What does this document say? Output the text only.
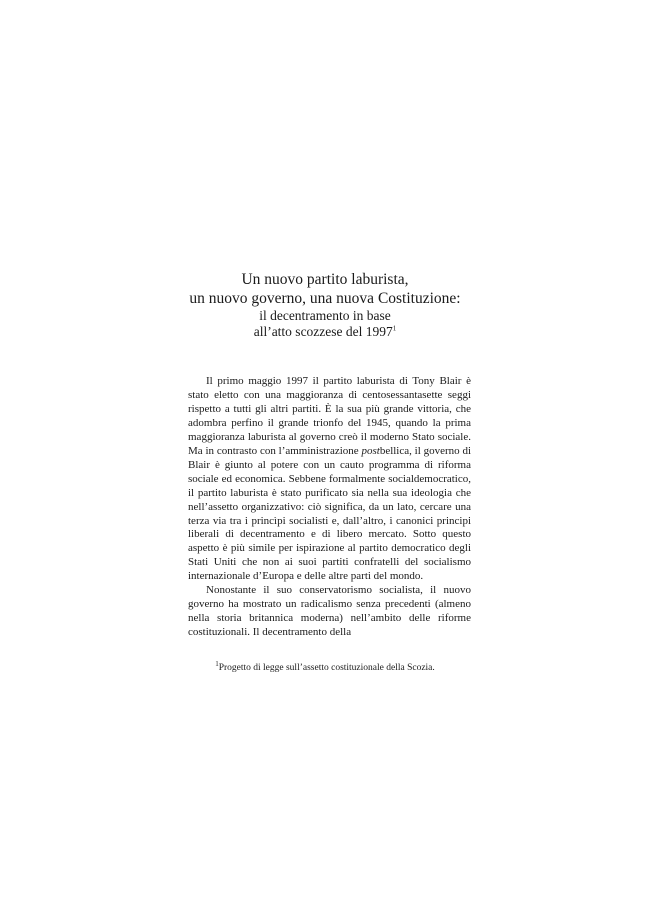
Un nuovo partito laburista,
un nuovo governo, una nuova Costituzione:
il decentramento in base
all’atto scozzese del 1997$^1$

Il primo maggio 1997 il partito laburista di Tony Blair è stato eletto con una maggioranza di centosessantasette seggi rispetto a tutti gli altri partiti. È la sua più grande vittoria, che adombra perfino il grande trionfo del 1945, quando la prima maggioranza laburista al governo creò il moderno Stato sociale. Ma in contrasto con l’amministrazione postbellica, il governo di Blair è giunto al potere con un cauto programma di riforma sociale ed economica. Sebbene formalmente socialdemocratico, il partito laburista è stato purificato sia nella sua ideologia che nell’assetto organizzativo: ciò significa, da un lato, cercare una terza via tra i princìpi socialisti e, dall’altro, i canonici principi liberali di decentramento e di libero mercato. Sotto questo aspetto è più simile per ispirazione al partito democratico degli Stati Uniti che non ai suoi partiti confratelli del socialismo internazionale d’Europa e delle altre parti del mondo.

Nonostante il suo conservatorismo socialista, il nuovo governo ha mostrato un radicalismo senza precedenti (almeno nella storia britannica moderna) nell’ambito delle riforme costituzionali. Il decentramento della

$^1$Progetto di legge sull’assetto costituzionale della Scozia.
